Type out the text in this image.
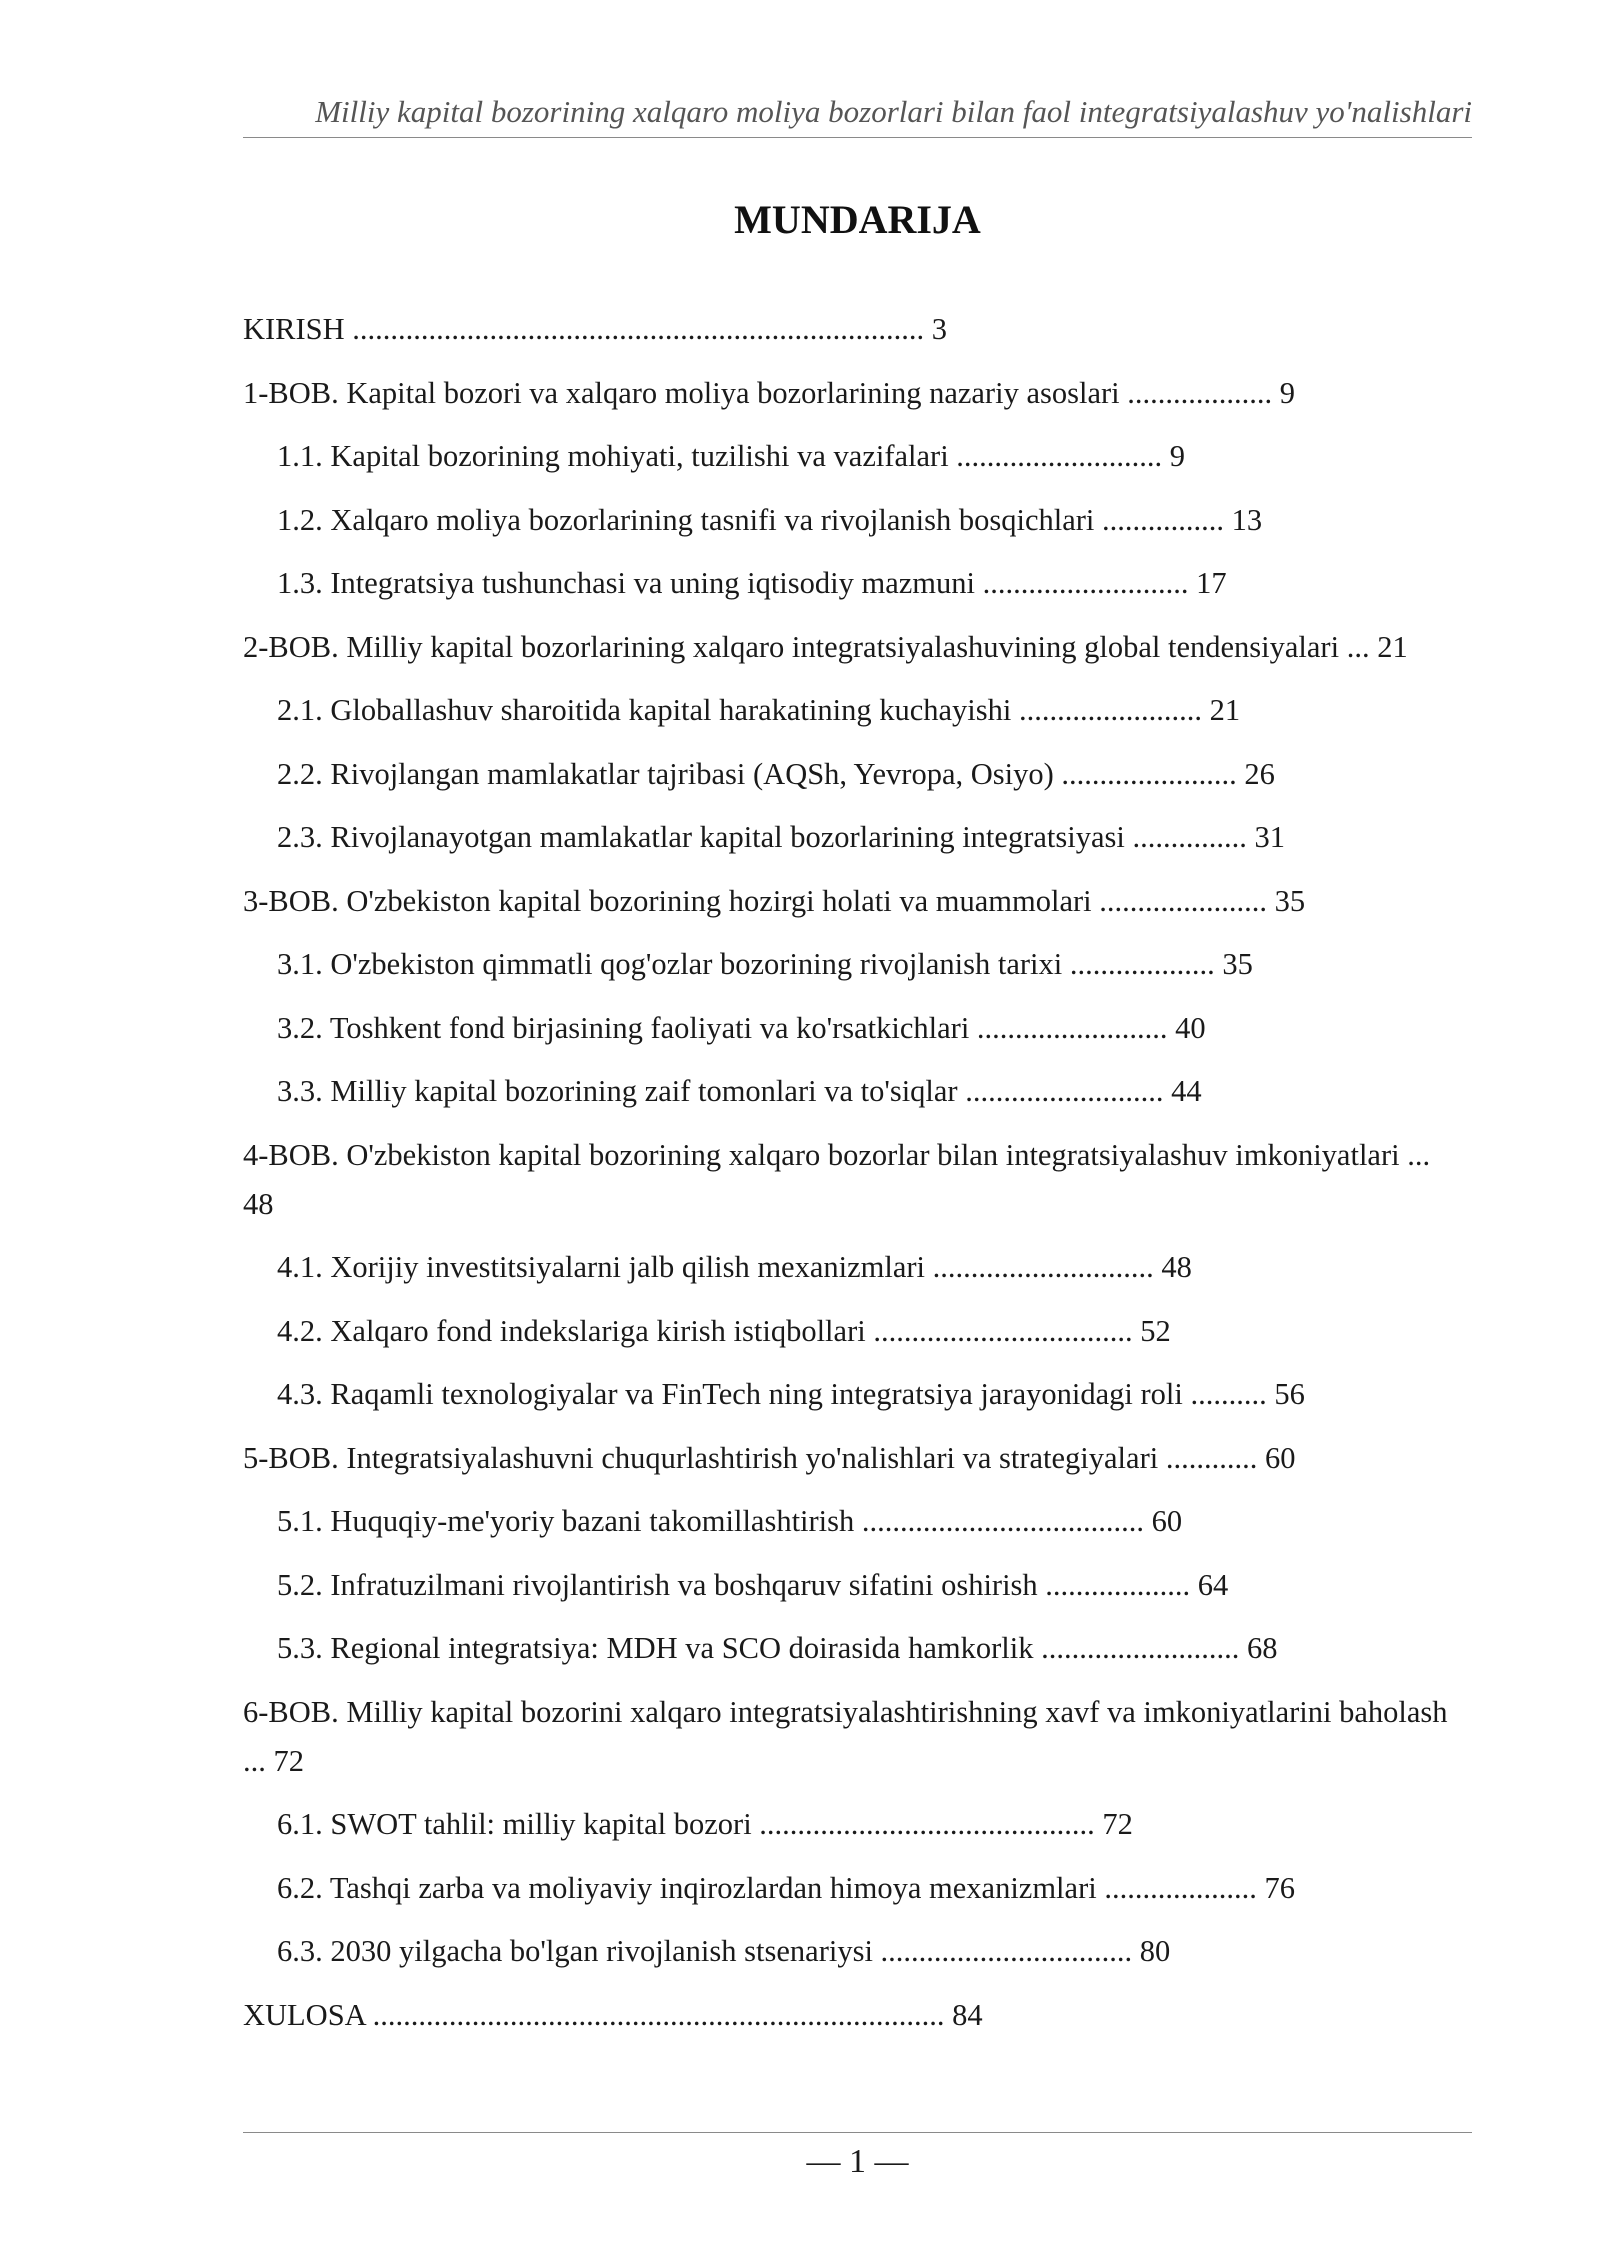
Milliy kapital bozorining xalqaro moliya bozorlari bilan faol integratsiyalashuv yo'nalishlari
MUNDARIJA
KIRISH ........................................................................... 3
1-BOB. Kapital bozori va xalqaro moliya bozorlarining nazariy asoslari ................... 9
1.1. Kapital bozorining mohiyati, tuzilishi va vazifalari ........................... 9
1.2. Xalqaro moliya bozorlarining tasnifi va rivojlanish bosqichlari ................ 13
1.3. Integratsiya tushunchasi va uning iqtisodiy mazmuni ........................... 17
2-BOB. Milliy kapital bozorlarining xalqaro integratsiyalashuvining global tendensiyalari ... 21
2.1. Globallashuv sharoitida kapital harakatining kuchayishi ........................ 21
2.2. Rivojlangan mamlakatlar tajribasi (AQSh, Yevropa, Osiyo) ....................... 26
2.3. Rivojlanayotgan mamlakatlar kapital bozorlarining integratsiyasi ............... 31
3-BOB. O'zbekiston kapital bozorining hozirgi holati va muammolari ...................... 35
3.1. O'zbekiston qimmatli qog'ozlar bozorining rivojlanish tarixi ................... 35
3.2. Toshkent fond birjasining faoliyati va ko'rsatkichlari ......................... 40
3.3. Milliy kapital bozorining zaif tomonlari va to'siqlar .......................... 44
4-BOB. O'zbekiston kapital bozorining xalqaro bozorlar bilan integratsiyalashuv imkoniyatlari ... 48
4.1. Xorijiy investitsiyalarni jalb qilish mexanizmlari ............................. 48
4.2. Xalqaro fond indekslariga kirish istiqbollari .................................. 52
4.3. Raqamli texnologiyalar va FinTech ning integratsiya jarayonidagi roli .......... 56
5-BOB. Integratsiyalashuvni chuqurlashtirish yo'nalishlari va strategiyalari ............ 60
5.1. Huquqiy-me'yoriy bazani takomillashtirish ..................................... 60
5.2. Infratuzilmani rivojlantirish va boshqaruv sifatini oshirish ................... 64
5.3. Regional integratsiya: MDH va SCO doirasida hamkorlik .......................... 68
6-BOB. Milliy kapital bozorini xalqaro integratsiyalashtirishning xavf va imkoniyatlarini baholash ... 72
6.1. SWOT tahlil: milliy kapital bozori ............................................ 72
6.2. Tashqi zarba va moliyaviy inqirozlardan himoya mexanizmlari .................... 76
6.3. 2030 yilgacha bo'lgan rivojlanish stsenariysi ................................. 80
XULOSA ........................................................................... 84
— 1 —
